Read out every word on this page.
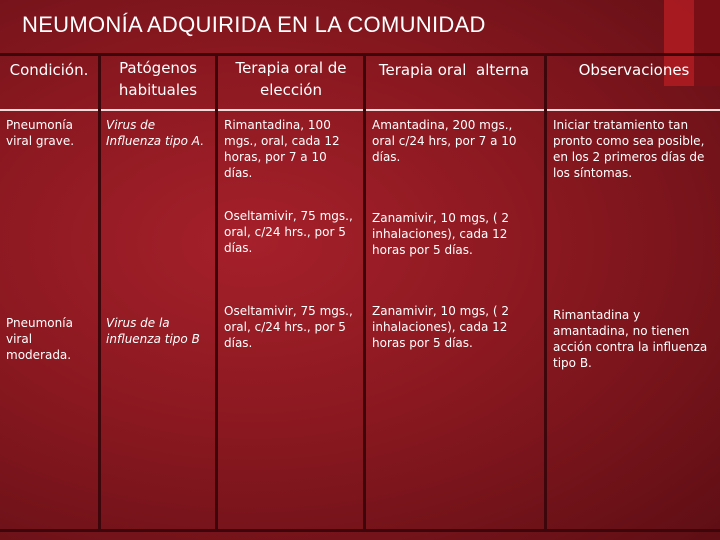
NEUMONÍA ADQUIRIDA EN LA COMUNIDAD
Condición.	Patógenos habituales
Terapia oral de elección
Terapia oral  alterna	Observaciones
Pneumonía viral grave.
Virus de Influenza tipo A.
Rimantadina, 100 mgs., oral, cada 12 horas, por 7 a 10 días.
Amantadina, 200 mgs., oral c/24 hrs, por 7 a 10 días.
Oseltamivir, 75 mgs., oral, c/24 hrs., por 5 días.
Zanamivir, 10 mgs, ( 2 inhalaciones), cada 12 horas por 5 días.
Iniciar tratamiento tan pronto como sea posible, en los 2 primeros días de los síntomas.
Pneumonía viral moderada.
Virus de la influenza tipo B
Oseltamivir, 75 mgs., oral, c/24 hrs., por 5 días.
Zanamivir, 10 mgs, ( 2 inhalaciones), cada 12 horas por 5 días.
Rimantadina y amantadina, no tienen acción contra la influenza tipo B.
